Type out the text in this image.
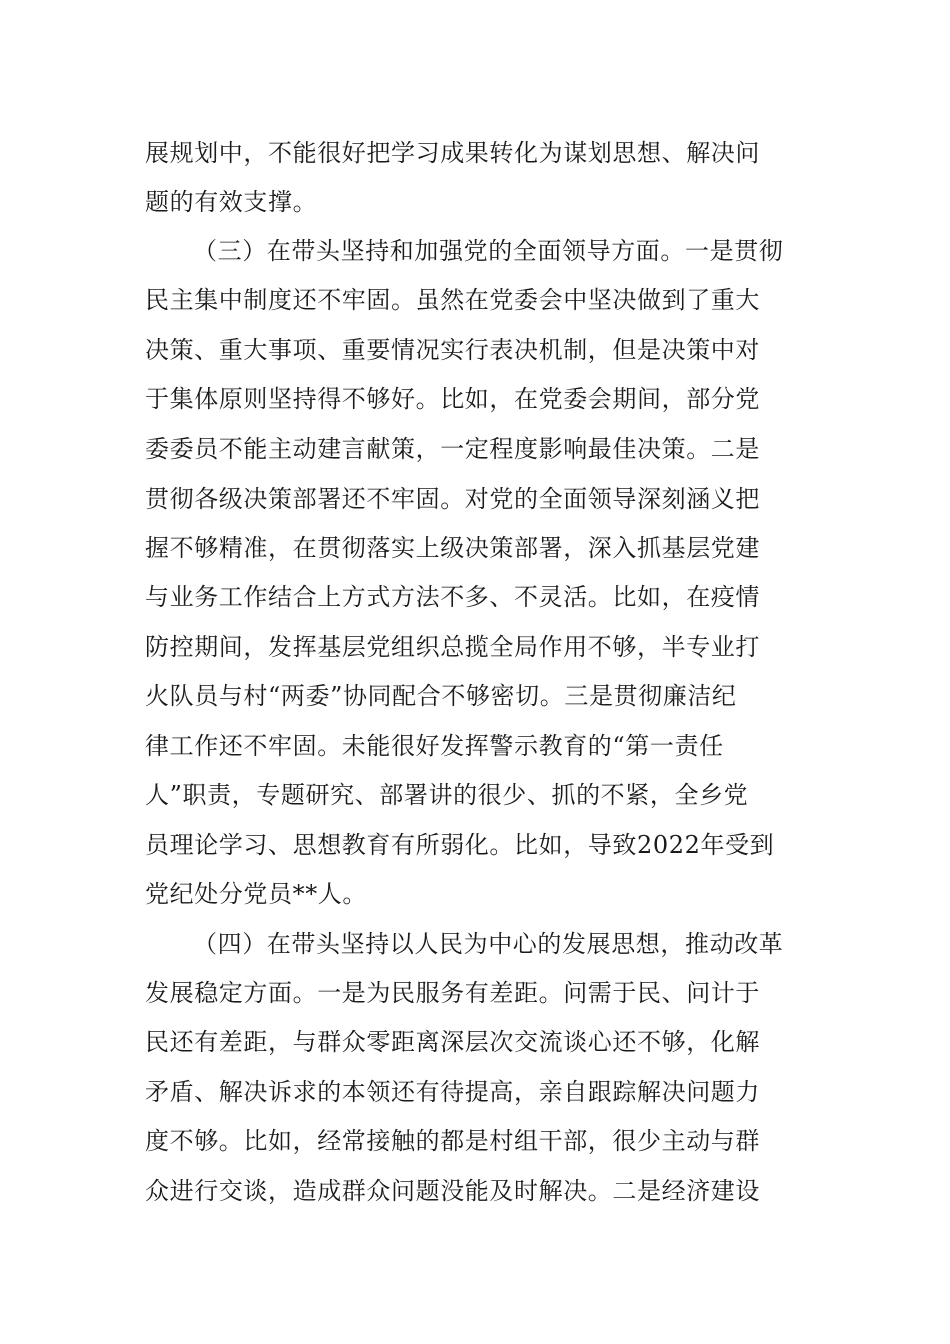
展规划中，不能很好把学习成果转化为谋划思想、解决问
题的有效支撑。
（三）在带头坚持和加强党的全面领导方面。一是贯彻
民主集中制度还不牢固。虽然在党委会中坚决做到了重大
决策、重大事项、重要情况实行表决机制，但是决策中对
于集体原则坚持得不够好。比如，在党委会期间，部分党
委委员不能主动建言献策，一定程度影响最佳决策。二是
贯彻各级决策部署还不牢固。对党的全面领导深刻涵义把
握不够精准，在贯彻落实上级决策部署，深入抓基层党建
与业务工作结合上方式方法不多、不灵活。比如，在疫情
防控期间，发挥基层党组织总揽全局作用不够，半专业打
火队员与村“两委”协同配合不够密切。三是贯彻廉洁纪
律工作还不牢固。未能很好发挥警示教育的“第一责任
人”职责，专题研究、部署讲的很少、抓的不紧，全乡党
员理论学习、思想教育有所弱化。比如，导致2022年受到
党纪处分党员**人。
（四）在带头坚持以人民为中心的发展思想，推动改革
发展稳定方面。一是为民服务有差距。问需于民、问计于
民还有差距，与群众零距离深层次交流谈心还不够，化解
矛盾、解决诉求的本领还有待提高，亲自跟踪解决问题力
度不够。比如，经常接触的都是村组干部，很少主动与群
众进行交谈，造成群众问题没能及时解决。二是经济建设
